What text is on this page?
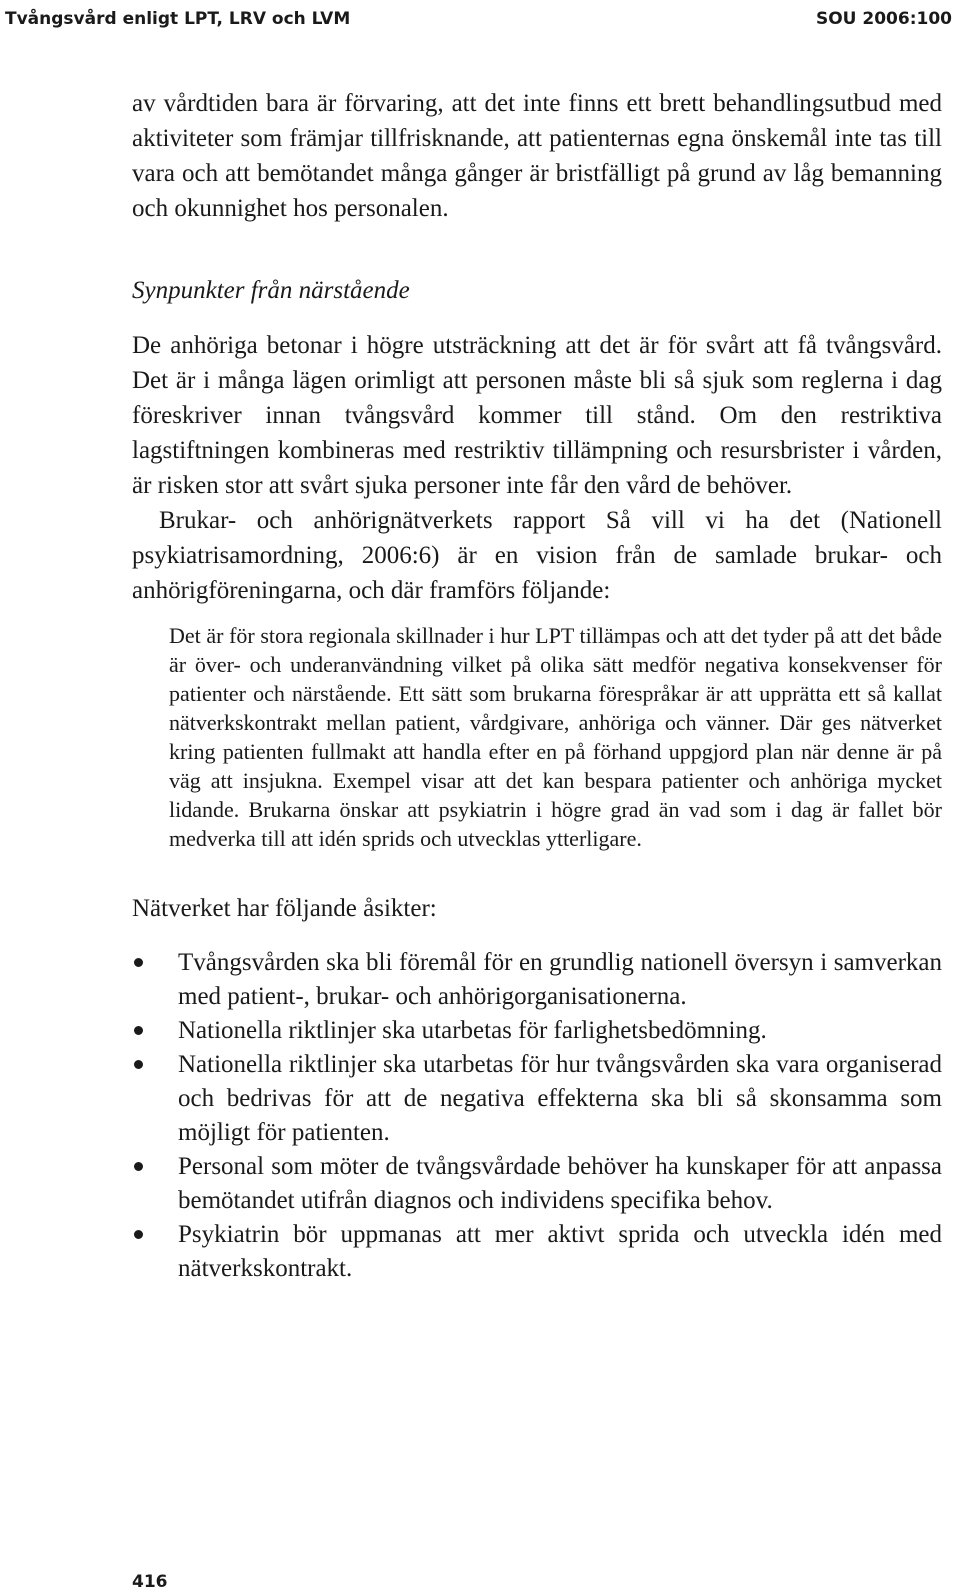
Tvångsvård enligt LPT, LRV och LVM	SOU 2006:100

av vårdtiden bara är förvaring, att det inte finns ett brett behandlingsutbud med aktiviteter som främjar tillfrisknande, att patienternas egna önskemål inte tas till vara och att bemötandet många gånger är bristfälligt på grund av låg bemanning och okunnighet hos personalen.

Synpunkter från närstående

De anhöriga betonar i högre utsträckning att det är för svårt att få tvångsvård. Det är i många lägen orimligt att personen måste bli så sjuk som reglerna i dag föreskriver innan tvångsvård kommer till stånd. Om den restriktiva lagstiftningen kombineras med restriktiv tillämpning och resursbrister i vården, är risken stor att svårt sjuka personer inte får den vård de behöver.

Brukar- och anhörignätverkets rapport Så vill vi ha det (Nationell psykiatrisamordning, 2006:6) är en vision från de samlade brukar- och anhörigföreningarna, och där framförs följande:

Det är för stora regionala skillnader i hur LPT tillämpas och att det tyder på att det både är över- och underanvändning vilket på olika sätt medför negativa konsekvenser för patienter och närstående. Ett sätt som brukarna förespråkar är att upprätta ett så kallat nätverkskontrakt mellan patient, vårdgivare, anhöriga och vänner. Där ges nätverket kring patienten fullmakt att handla efter en på förhand uppgjord plan när denne är på väg att insjukna. Exempel visar att det kan bespara patienter och anhöriga mycket lidande. Brukarna önskar att psykiatrin i högre grad än vad som i dag är fallet bör medverka till att idén sprids och utvecklas ytterligare.

Nätverket har följande åsikter:

Tvångsvården ska bli föremål för en grundlig nationell översyn i samverkan med patient-, brukar- och anhörigorganisationerna.
Nationella riktlinjer ska utarbetas för farlighetsbedömning.
Nationella riktlinjer ska utarbetas för hur tvångsvården ska vara organiserad och bedrivas för att de negativa effekterna ska bli så skonsamma som möjligt för patienten.
Personal som möter de tvångsvårdade behöver ha kunskaper för att anpassa bemötandet utifrån diagnos och individens specifika behov.
Psykiatrin bör uppmanas att mer aktivt sprida och utveckla idén med nätverkskontrakt.
416
